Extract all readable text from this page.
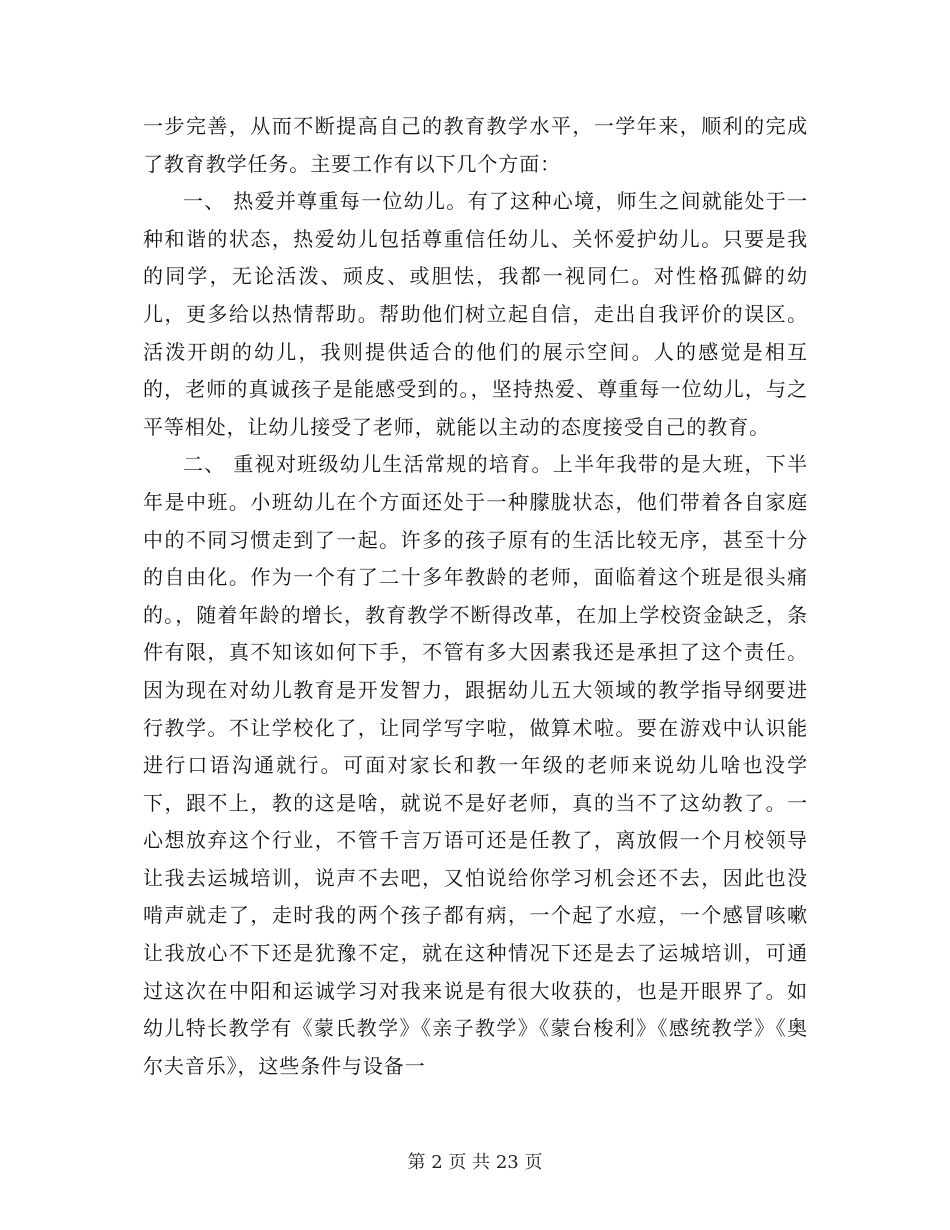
一步完善，从而不断提高自己的教育教学水平，一学年来，顺利的完成了教育教学任务。主要工作有以下几个方面：

一、 热爱并尊重每一位幼儿。有了这种心境，师生之间就能处于一种和谐的状态，热爱幼儿包括尊重信任幼儿、关怀爱护幼儿。只要是我的同学，无论活泼、顽皮、或胆怯，我都一视同仁。对性格孤僻的幼儿，更多给以热情帮助。帮助他们树立起自信，走出自我评价的误区。活泼开朗的幼儿，我则提供适合的他们的展示空间。人的感觉是相互的，老师的真诚孩子是能感受到的。，坚持热爱、尊重每一位幼儿，与之平等相处，让幼儿接受了老师，就能以主动的态度接受自己的教育。

二、 重视对班级幼儿生活常规的培育。上半年我带的是大班，下半年是中班。小班幼儿在个方面还处于一种朦胧状态，他们带着各自家庭中的不同习惯走到了一起。许多的孩子原有的生活比较无序，甚至十分的自由化。作为一个有了二十多年教龄的老师，面临着这个班是很头痛的。，随着年龄的增长，教育教学不断得改革，在加上学校资金缺乏，条件有限，真不知该如何下手，不管有多大因素我还是承担了这个责任。因为现在对幼儿教育是开发智力，跟据幼儿五大领域的教学指导纲要进行教学。不让学校化了，让同学写字啦，做算术啦。要在游戏中认识能进行口语沟通就行。可面对家长和教一年级的老师来说幼儿啥也没学下，跟不上，教的这是啥，就说不是好老师，真的当不了这幼教了。一心想放弃这个行业，不管千言万语可还是任教了，离放假一个月校领导让我去运城培训，说声不去吧，又怕说给你学习机会还不去，因此也没啃声就走了，走时我的两个孩子都有病，一个起了水痘，一个感冒咳嗽让我放心不下还是犹豫不定，就在这种情况下还是去了运城培训，可通过这次在中阳和运诚学习对我来说是有很大收获的，也是开眼界了。如幼儿特长教学有《蒙氏教学》《亲子教学》《蒙台梭利》《感统教学》《奥尔夫音乐》，这些条件与设备一

第 2 页 共 23 页
